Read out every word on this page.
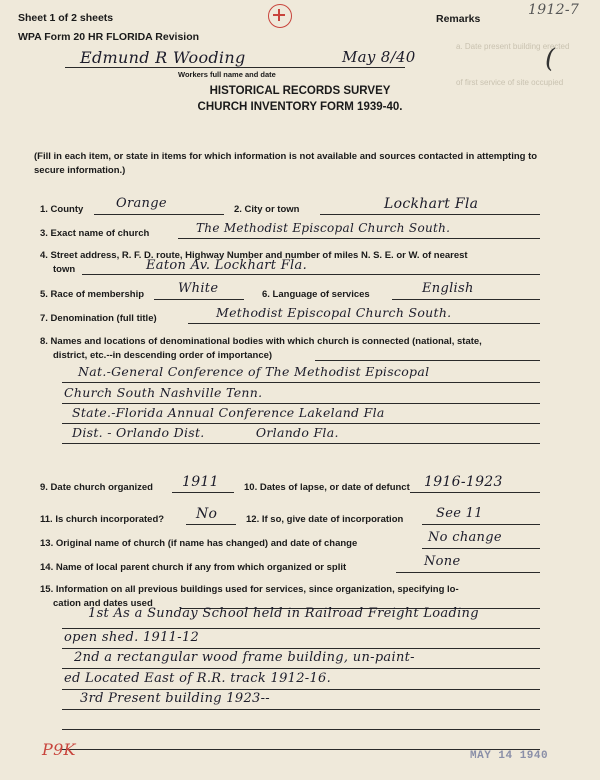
Sheet 1 of 2 sheets
WPA Form 20 HR FLORIDA Revision
Remarks
1912-7
(
Edmund R Wooding	May 8/40
Workers full name and date
HISTORICAL RECORDS SURVEY
CHURCH INVENTORY FORM 1939-40.
a. Date present building erected
of first service of site occupied
(Fill in each item, or state in items for which information is not available and sources contacted in attempting to secure information.)
1. County	Orange	2. City or town	Lockhart Fla
3. Exact name of church	The Methodist Episcopal Church South.
4. Street address, R. F. D. route, Highway Number and number of miles N. S. E. or W. of nearest
town	Eaton Av. Lockhart Fla.
5. Race of membership	White	6. Language of services	English
7. Denomination (full title)	Methodist Episcopal Church South.
8. Names and locations of denominational bodies with which church is connected (national, state,
district, etc.--in descending order of importance)
Nat.-General Conference of The Methodist Episcopal
Church South Nashville Tenn.
State.-Florida Annual Conference Lakeland Fla
Dist. - Orlando Dist.            Orlando Fla.
9. Date church organized 1911	10. Dates of lapse, or date of defunct 1916-1923
11. Is church incorporated? No	12. If so, give date of incorporation	See 11
13. Original name of church (if name has changed) and date of change	No change
14. Name of local parent church if any from which organized or split	None
15. Information on all previous buildings used for services, since organization, specifying lo-
cation and dates used
1st As a Sunday School held in Railroad Freight Loading
open shed. 1911-12
2nd a rectangular wood frame building, un-paint-
ed Located East of R.R. track 1912-16.
3rd Present building 1923--
P9K	MAY 14 1940
